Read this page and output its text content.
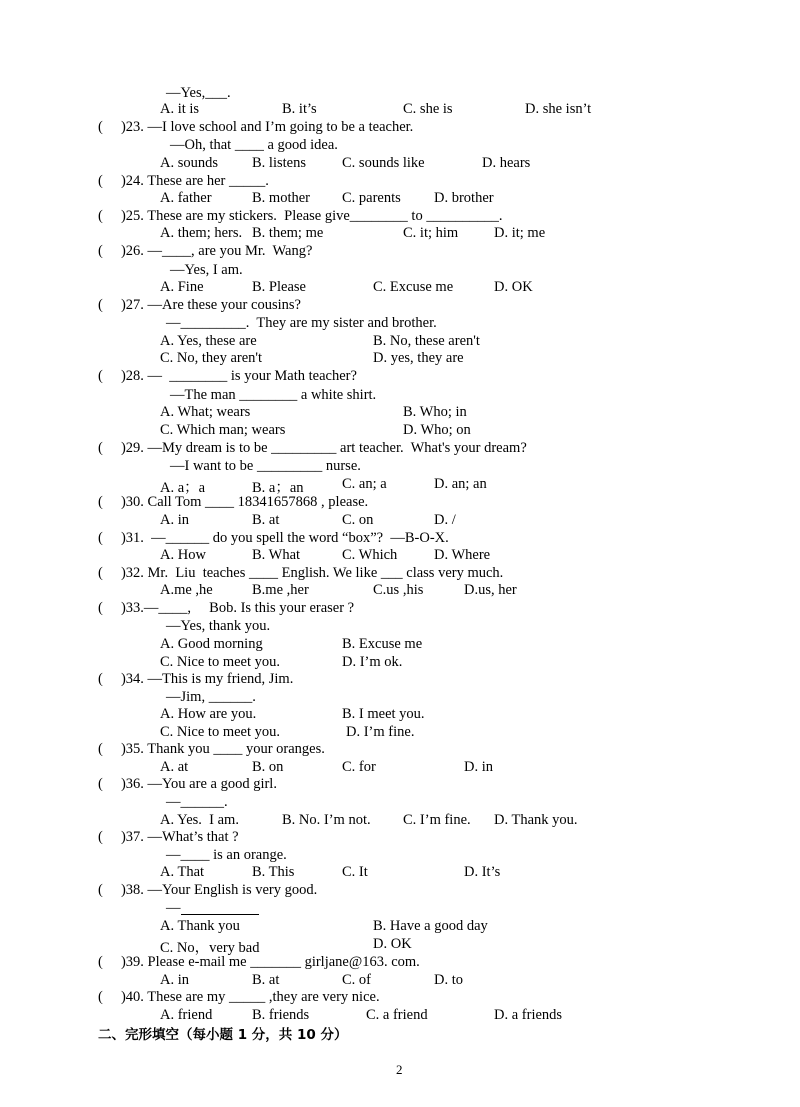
—Yes,___.
A. it is	B. it’s	C. she is	D. she isn’t
(     )23. —I love school and I’m going to be a teacher.
—Oh, that ____ a good idea.
A. sounds B. listens C. sounds like	D. hears
(     )24. These are her _____.
A. father	B. mother C. parents D. brother
(     )25. These are my stickers.  Please give________ to __________.
A. them; hers. B. them; me	C. it; him D. it; me
(     )26. —____, are you Mr.  Wang?
—Yes, I am.
A. Fine	B. Please	C. Excuse me	D. OK
(     )27. —Are these your cousins?
—_________.  They are my sister and brother.
A. Yes, these are	B. No, these aren't
C. No, they aren't	D. yes, they are
(     )28. —  ________ is your Math teacher?
—The man ________ a white shirt.
A. What; wears	B. Who; in
C. Which man; wears	D. Who; on
(     )29. —My dream is to be _________ art teacher.  What's your dream?
—I want to be _________ nurse.
A. a；a	B. a；an	C. an; a	D. an; an
(     )30. Call Tom ____ 18341657868 , please.
A. in	B. at	C. on	D. /
(     )31.  —______ do you spell the word “box”?  —B-O-X.
A. How	B. What	C. Which	D. Where
(     )32. Mr.  Liu  teaches ____ English. We like ___ class very much.
A.me ,he	B.me ,her	C.us ,his	D.us, her
(     )33.—____,     Bob. Is this your eraser ?
—Yes, thank you.
A. Good morning	B. Excuse me
C. Nice to meet you.	D. I’m ok.
(     )34. —This is my friend, Jim.
—Jim, ______.
A. How are you.	B. I meet you.
C. Nice to meet you.	D. I’m fine.
(     )35. Thank you ____ your oranges.
A. at	B. on	C. for	D. in
(     )36. —You are a good girl.
—______.
A. Yes.  I am.	B. No. I’m not. C. I’m fine. D. Thank you.
(     )37. —What’s that ?
—____ is an orange.
A. That	B. This	C. It	D. It’s
(     )38. —Your English is very good.
—
A. Thank you	B. Have a good day
C. No，very bad	D. OK
(     )39. Please e-mail me _______ girljane@163. com.
A. in	B. at	C. of	D. to
(     )40. These are my _____ ,they are very nice.
A. friend	B. friends	C. a friend	D. a friends
二、完形填空（每小题 1 分，共 10 分）
2
